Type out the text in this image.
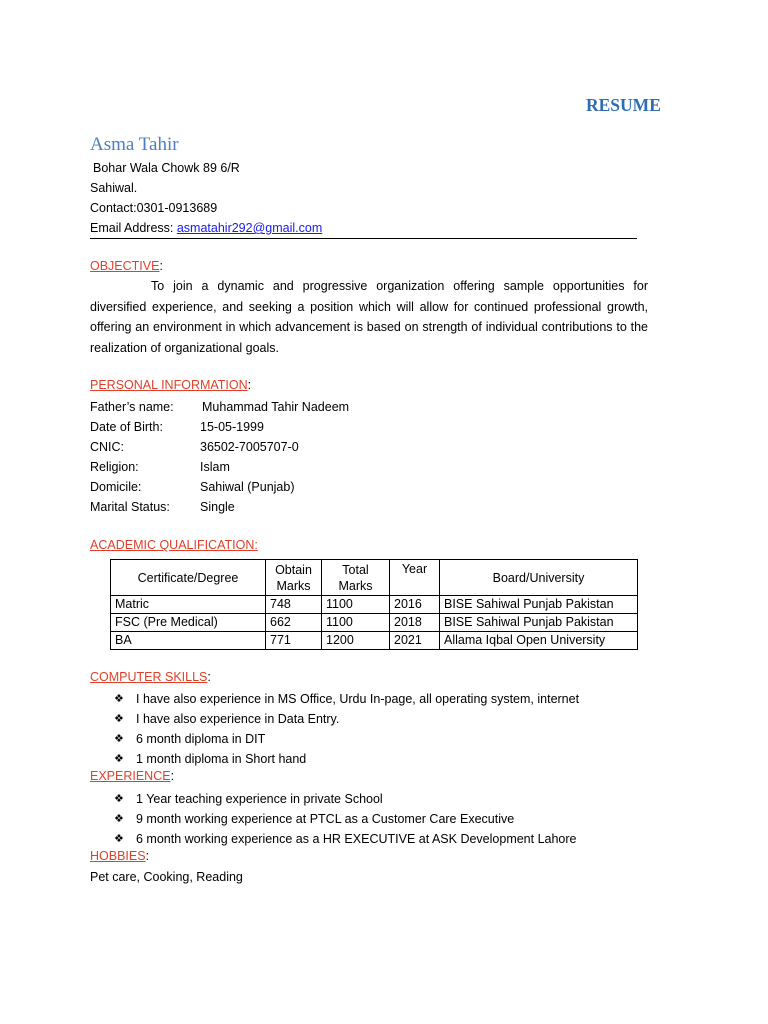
RESUME
Asma Tahir
Bohar Wala Chowk 89 6/R
Sahiwal.
Contact:0301-0913689
Email Address: asmatahir292@gmail.com
OBJECTIVE:
To join a dynamic and progressive organization offering sample opportunities for diversified experience, and seeking a position which will allow for continued professional growth, offering an environment in which advancement is based on strength of individual contributions to the realization of organizational goals.
PERSONAL INFORMATION:
Father’s name:	Muhammad Tahir Nadeem
Date of Birth:	15-05-1999
CNIC:	36502-7005707-0
Religion:	Islam
Domicile:	Sahiwal (Punjab)
Marital Status:	Single
ACADEMIC QUALIFICATION:
Certificate/Degree	Obtain Marks	Total Marks	Year	Board/University
Matric	748	1100	2016	BISE Sahiwal Punjab Pakistan
FSC (Pre Medical)	662	1100	2018	BISE Sahiwal Punjab Pakistan
BA	771	1200	2021	Allama Iqbal Open University
COMPUTER SKILLS:
❖ I have also experience in MS Office, Urdu In-page, all operating system, internet
❖ I have also experience in Data Entry.
❖ 6 month diploma in DIT
❖ 1 month diploma in Short hand
EXPERIENCE:
❖ 1 Year teaching experience in private School
❖ 9 month working experience at PTCL as a Customer Care Executive
❖ 6 month working experience as a HR EXECUTIVE at ASK Development Lahore
HOBBIES:
Pet care, Cooking, Reading
